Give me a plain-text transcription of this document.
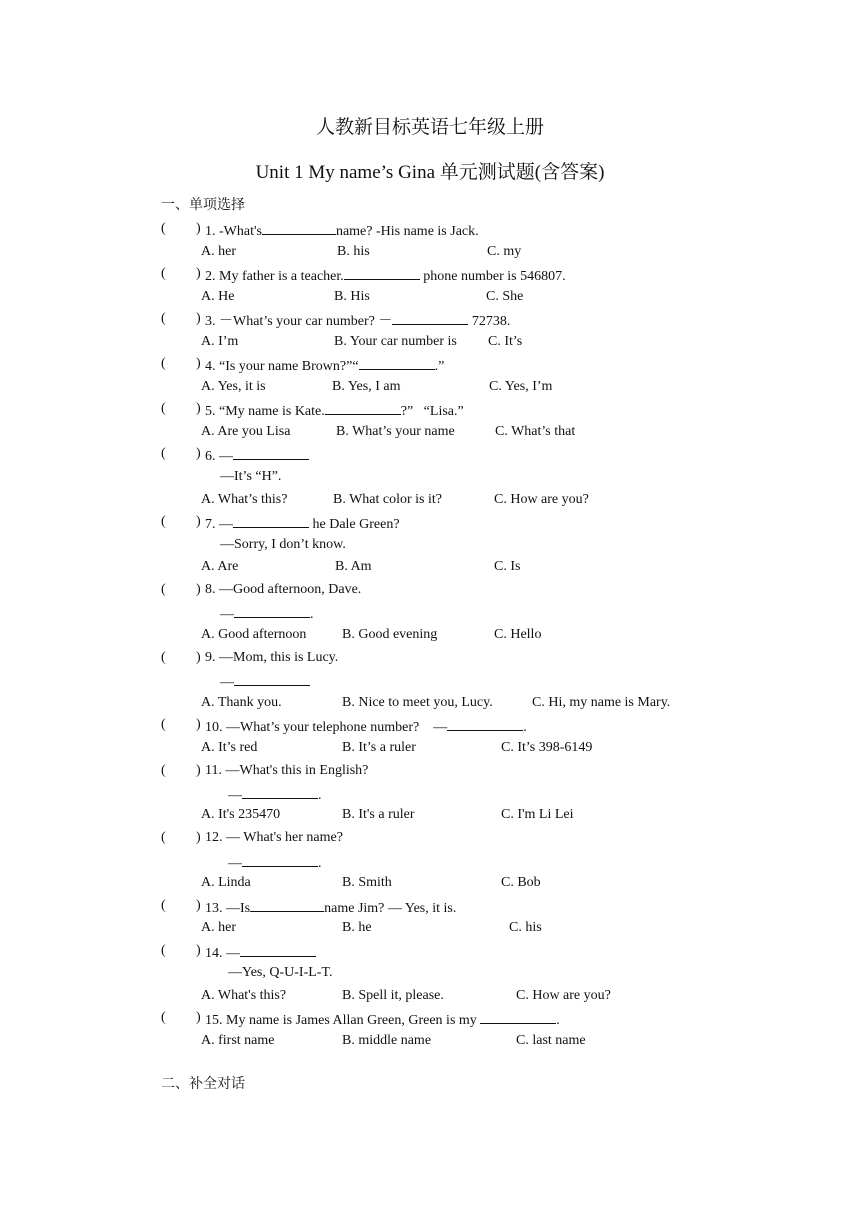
人教新目标英语七年级上册
Unit 1 My name’s Gina 单元测试题(含答案)
一、单项选择
( ) 1. -What's	name? -His name is Jack.
A. her	B. his	C. my
( ) 2. My father is a teacher.	phone number is 546807.
A. He	B. His	C. She
( ) 3. －What’s your car number? －	72738.
A. I’m	B. Your car number is C. It’s
( ) 4. “Is your name Brown?”“	.”
A. Yes, it is	B. Yes, I am	C. Yes, I’m
( ) 5. “My name is Kate.	?”   “Lisa.”
A. Are you Lisa	B. What’s your name	C. What’s that
( ) 6. —
—It’s “H”.
A. What’s this?	B. What color is it?	C. How are you?
( ) 7. —	he Dale Green?
—Sorry, I don’t know.
A. Are	B. Am	C. Is
( ) 8. —Good afternoon, Dave.
—	.
A. Good afternoon	B. Good evening	C. Hello
( ) 9. —Mom, this is Lucy.
—
A. Thank you.	B. Nice to meet you, Lucy.	C. Hi, my name is Mary.
( ) 10. —What’s your telephone number?    —	.
A. It’s red	B. It’s a ruler	C. It’s 398-6149
( ) 11. —What's this in English?
—	.
A. It's 235470	B. It's a ruler	C. I'm Li Lei
( ) 12. — What's her name?
—	.
A. Linda	B. Smith	C. Bob
( ) 13. —Is	name Jim? — Yes, it is.
A. her	B. he	C. his
( ) 14. —
—Yes, Q-U-I-L-T.
A. What's this?	B. Spell it, please.	C. How are you?
( ) 15. My name is James Allan Green, Green is my	.
A. first name	B. middle name	C. last name
二、补全对话
